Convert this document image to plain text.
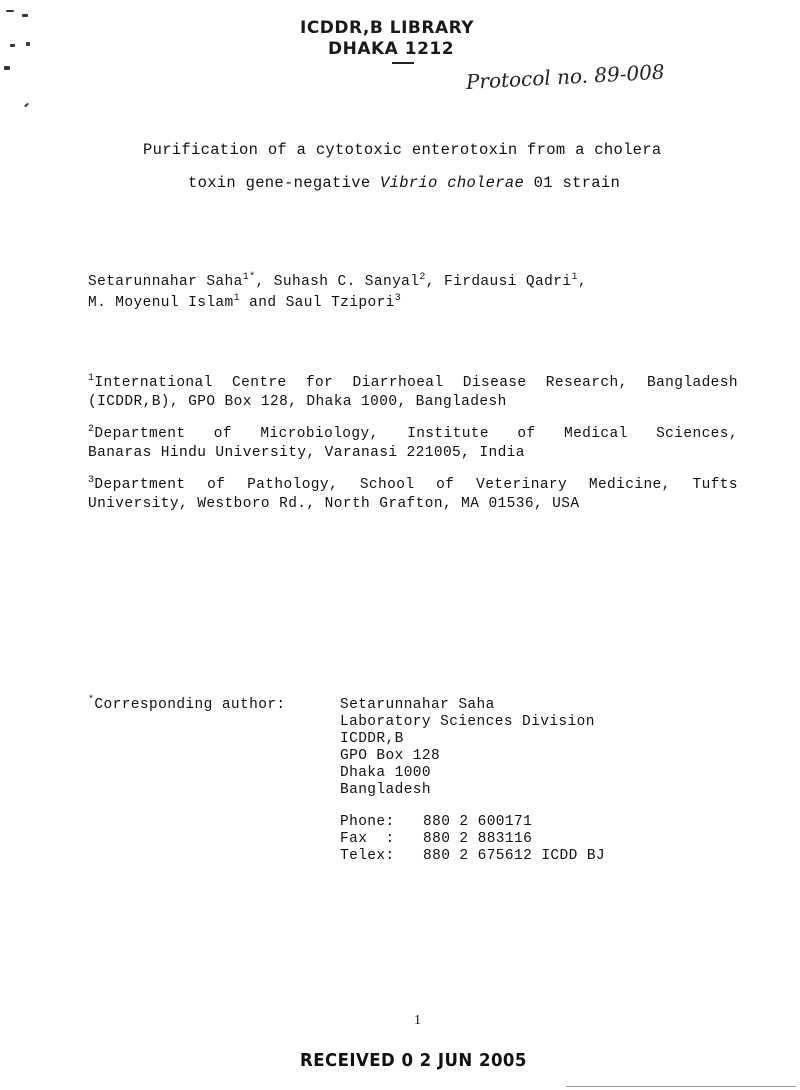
ICDDR,B LIBRARY
DHAKA 1212
Protocol no. 89-008
Purification of a cytotoxic enterotoxin from a cholera
toxin gene-negative Vibrio cholerae 01 strain
Setarunnahar Saha$^{1*}$, Suhash C. Sanyal$^2$, Firdausi Qadri$^1$,
M. Moyenul Islam$^1$ and Saul Tzipori$^3$
$^1$International Centre for Diarrhoeal Disease Research, Bangladesh
(ICDDR,B), GPO Box 128, Dhaka 1000, Bangladesh
$^2$Department of Microbiology, Institute of Medical Sciences,
Banaras Hindu University, Varanasi 221005, India
$^3$Department of Pathology, School of Veterinary Medicine, Tufts
University, Westboro Rd., North Grafton, MA 01536, USA
*Corresponding author:	Setarunnahar Saha
Laboratory Sciences Division
ICDDR,B
GPO Box 128
Dhaka 1000
Bangladesh
Phone: 880 2 600171
Fax  : 880 2 883116
Telex: 880 2 675612 ICDD BJ
1
RECEIVED 0 2 JUN 2005
